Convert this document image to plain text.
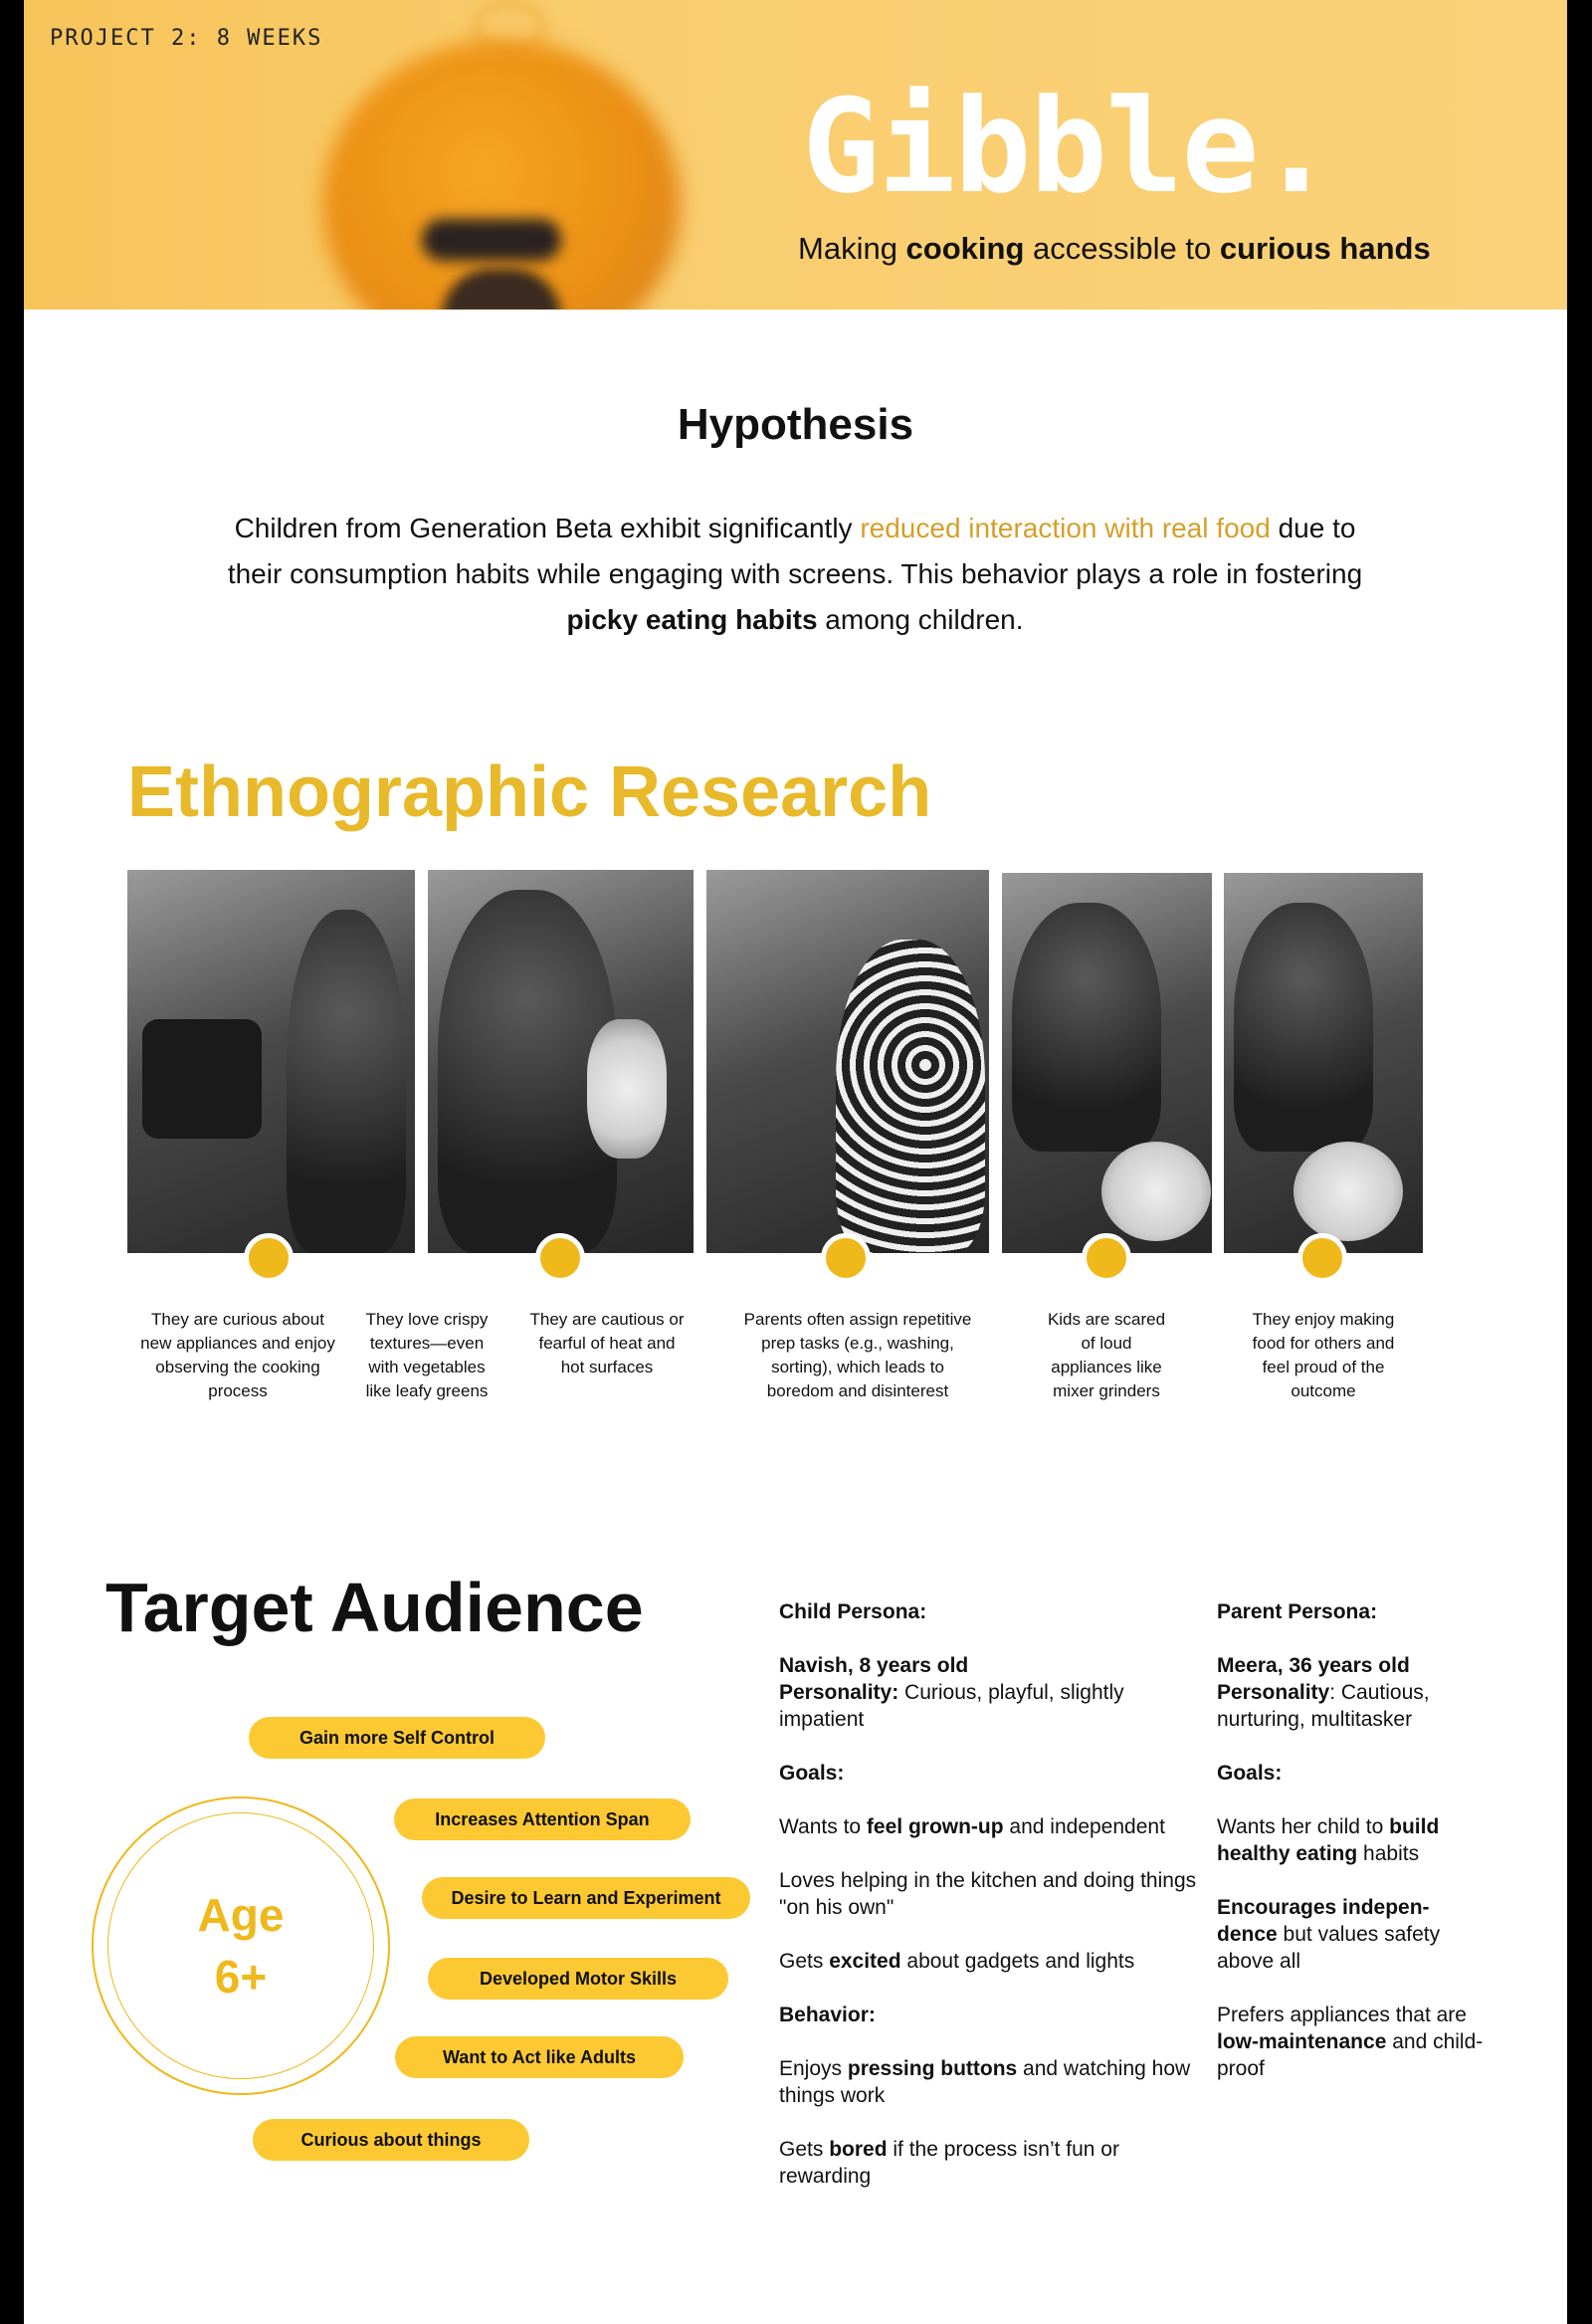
PROJECT 2: 8 WEEKS
Gibble.
Making cooking accessible to curious hands
Hypothesis
Children from Generation Beta exhibit significantly reduced interaction with real food due to their consumption habits while engaging with screens. This behavior plays a role in fostering picky eating habits among children.
Ethnographic Research
They are curious about new appliances and enjoy observing the cooking process
They love crispy textures—even with vegetables like leafy greens
They are cautious or fearful of heat and hot surfaces
Parents often assign repetitive prep tasks (e.g., washing, sorting), which leads to boredom and disinterest
Kids are scared of loud appliances like mixer grinders
They enjoy making food for others and feel proud of the outcome
Target Audience
Age
6+
Gain more Self Control
Increases Attention Span
Desire to Learn and Experiment
Developed Motor Skills
Want to Act like Adults
Curious about things

Child Persona:

Navish, 8 years old
Personality: Curious, playful, slightly impatient

Goals:

Wants to feel grown-up and independent

Loves helping in the kitchen and doing things "on his own"

Gets excited about gadgets and lights

Behavior:

Enjoys pressing buttons and watching how things work

Gets bored if the process isn’t fun or rewarding

Parent Persona:

Meera, 36 years old
Personality: Cautious, nurturing, multitasker

Goals:

Wants her child to build healthy eating habits

Encourages indepen-dence but values safety above all

Prefers appliances that are low-maintenance and child-proof
